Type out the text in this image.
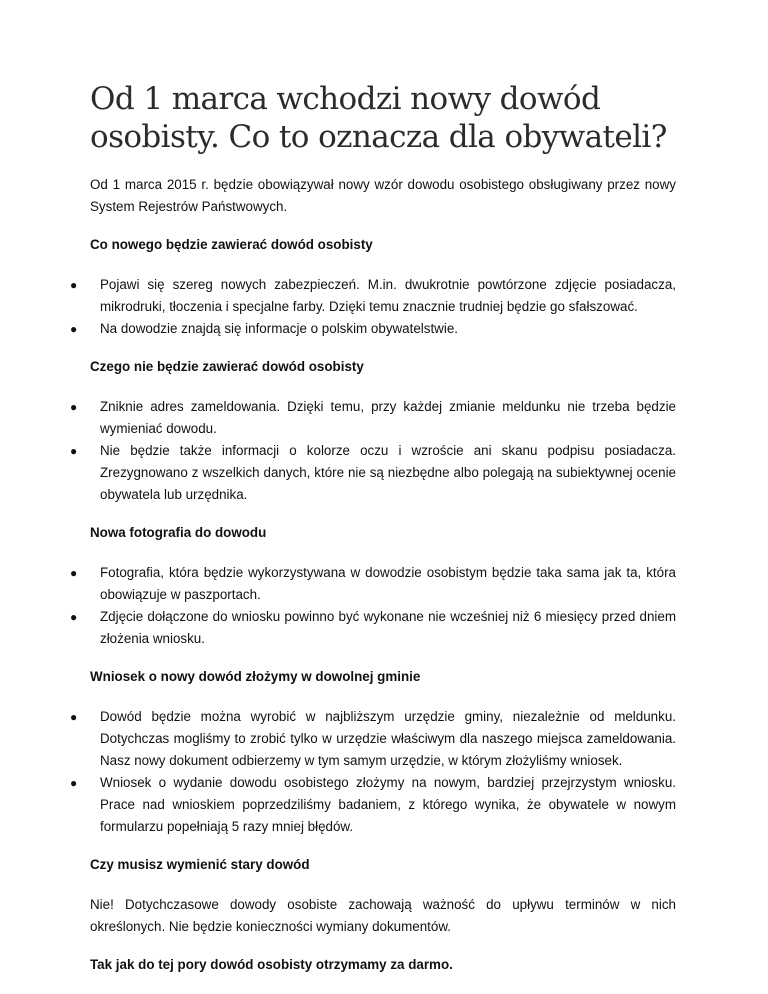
Od 1 marca wchodzi nowy dowód osobisty. Co to oznacza dla obywateli?

Od 1 marca 2015 r. będzie obowiązywał nowy wzór dowodu osobistego obsługiwany przez nowy System Rejestrów Państwowych.

Co nowego będzie zawierać dowód osobisty
● Pojawi się szereg nowych zabezpieczeń. M.in. dwukrotnie powtórzone zdjęcie posiadacza, mikrodruki, tłoczenia i specjalne farby. Dzięki temu znacznie trudniej będzie go sfałszować.
● Na dowodzie znajdą się informacje o polskim obywatelstwie.
Czego nie będzie zawierać dowód osobisty
● Zniknie adres zameldowania. Dzięki temu, przy każdej zmianie meldunku nie trzeba będzie wymieniać dowodu.
● Nie będzie także informacji o kolorze oczu i wzroście ani skanu podpisu posiadacza. Zrezygnowano z wszelkich danych, które nie są niezbędne albo polegają na subiektywnej ocenie obywatela lub urzędnika.
Nowa fotografia do dowodu
● Fotografia, która będzie wykorzystywana w dowodzie osobistym będzie taka sama jak ta, która obowiązuje w paszportach.
● Zdjęcie dołączone do wniosku powinno być wykonane nie wcześniej niż 6 miesięcy przed dniem złożenia wniosku.
Wniosek o nowy dowód złożymy w dowolnej gminie
● Dowód będzie można wyrobić w najbliższym urzędzie gminy, niezależnie od meldunku. Dotychczas mogliśmy to zrobić tylko w urzędzie właściwym dla naszego miejsca zameldowania. Nasz nowy dokument odbierzemy w tym samym urzędzie, w którym złożyliśmy wniosek.
● Wniosek o wydanie dowodu osobistego złożymy na nowym, bardziej przejrzystym wniosku. Prace nad wnioskiem poprzedziliśmy badaniem, z którego wynika, że obywatele w nowym formularzu popełniają 5 razy mniej błędów.
Czy musisz wymienić stary dowód

Nie! Dotychczasowe dowody osobiste zachowają ważność do upływu terminów w nich określonych. Nie będzie konieczności wymiany dokumentów.

Tak jak do tej pory dowód osobisty otrzymamy za darmo.
